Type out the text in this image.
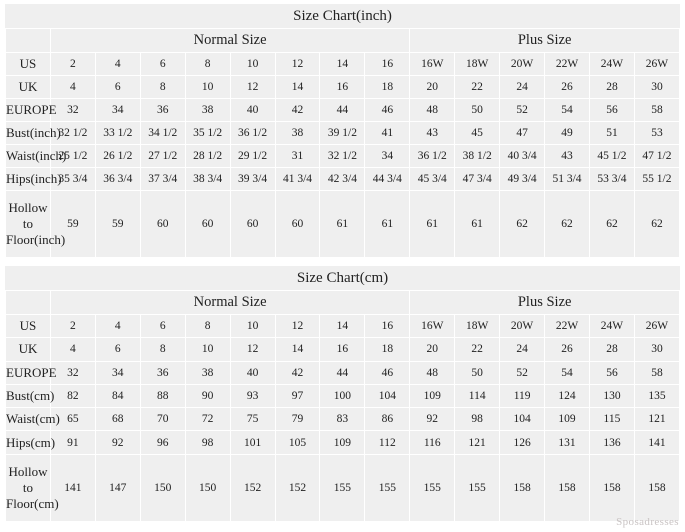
Size Chart(inch)														
	Normal Size								Plus Size					
US	2	4	6	8	10	12	14	16	16W	18W	20W	22W	24W	26W
UK	4	6	8	10	12	14	16	18	20	22	24	26	28	30
EUROPE	32	34	36	38	40	42	44	46	48	50	52	54	56	58
Bust(inch)	32 1/2	33 1/2	34 1/2	35 1/2	36 1/2	38	39 1/2	41	43	45	47	49	51	53
Waist(inch)	25 1/2	26 1/2	27 1/2	28 1/2	29 1/2	31	32 1/2	34	36 1/2	38 1/2	40 3/4	43	45 1/2	47 1/2
Hips(inch)	35 3/4	36 3/4	37 3/4	38 3/4	39 3/4	41 3/4	42 3/4	44 3/4	45 3/4	47 3/4	49 3/4	51 3/4	53 3/4	55 1/2
Hollow to Floor(inch)	59	59	60	60	60	60	61	61	61	61	62	62	62	62
Size Chart(cm)														
	Normal Size								Plus Size					
US	2	4	6	8	10	12	14	16	16W	18W	20W	22W	24W	26W
UK	4	6	8	10	12	14	16	18	20	22	24	26	28	30
EUROPE	32	34	36	38	40	42	44	46	48	50	52	54	56	58
Bust(cm)	82	84	88	90	93	97	100	104	109	114	119	124	130	135
Waist(cm)	65	68	70	72	75	79	83	86	92	98	104	109	115	121
Hips(cm)	91	92	96	98	101	105	109	112	116	121	126	131	136	141
Hollow to Floor(cm)	141	147	150	150	152	152	155	155	155	155	158	158	158	158
Sposadresses
